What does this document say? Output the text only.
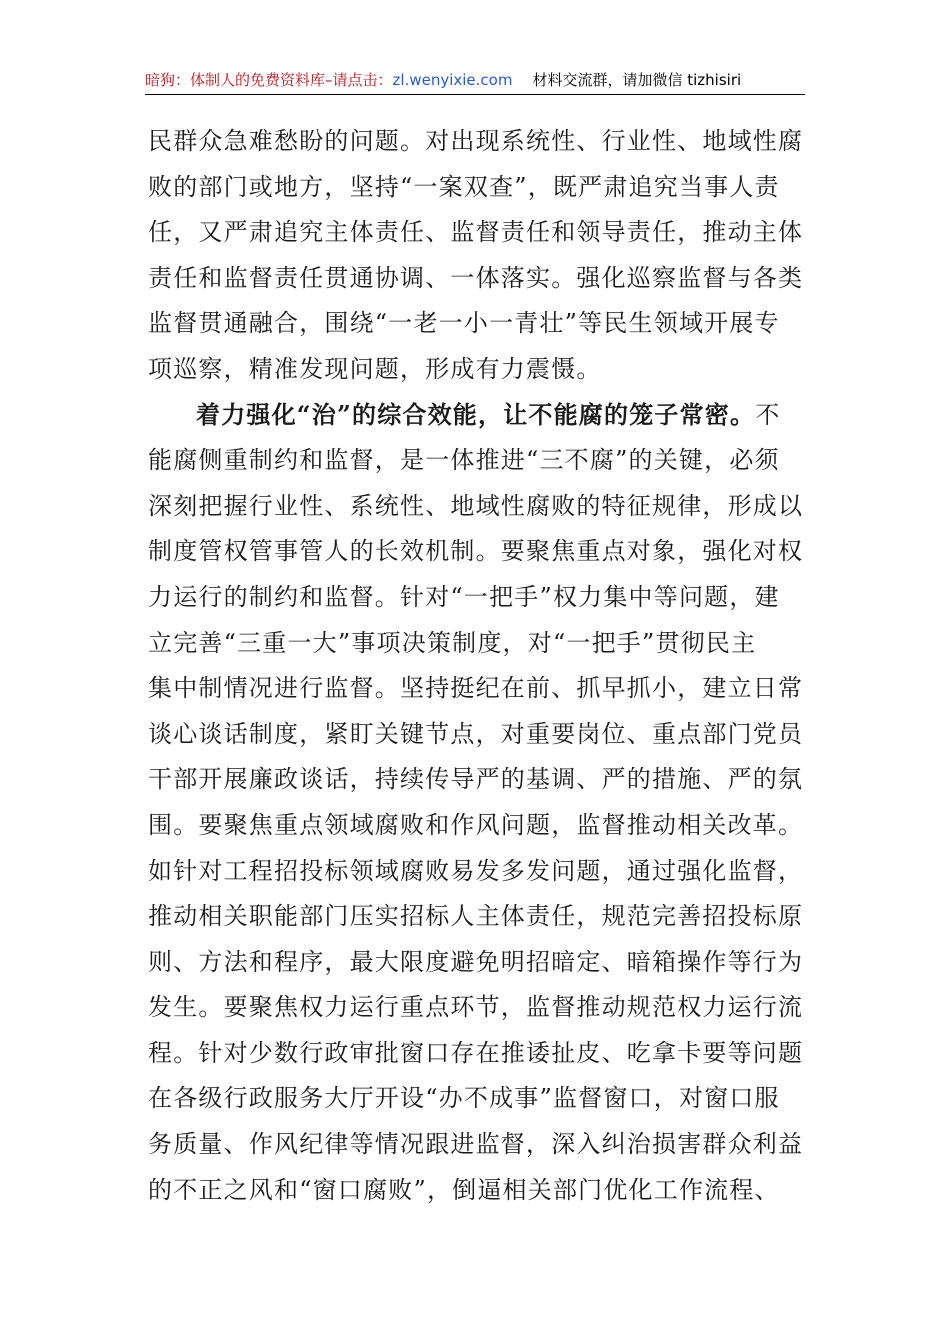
暗狗：体制人的免费资料库–请点击：zl.wenyixie.com 材料交流群，请加微信 tizhisiri
民群众急难愁盼的问题。对出现系统性、行业性、地域性腐
败的部门或地方，坚持“一案双查”，既严肃追究当事人责
任，又严肃追究主体责任、监督责任和领导责任，推动主体
责任和监督责任贯通协调、一体落实。强化巡察监督与各类
监督贯通融合，围绕“一老一小一青壮”等民生领域开展专
项巡察，精准发现问题，形成有力震慑。
着力强化“治”的综合效能，让不能腐的笼子常密。不
能腐侧重制约和监督，是一体推进“三不腐”的关键，必须
深刻把握行业性、系统性、地域性腐败的特征规律，形成以
制度管权管事管人的长效机制。要聚焦重点对象，强化对权
力运行的制约和监督。针对“一把手”权力集中等问题，建
立完善“三重一大”事项决策制度，对“一把手”贯彻民主
集中制情况进行监督。坚持挺纪在前、抓早抓小，建立日常
谈心谈话制度，紧盯关键节点，对重要岗位、重点部门党员
干部开展廉政谈话，持续传导严的基调、严的措施、严的氛
围。要聚焦重点领域腐败和作风问题，监督推动相关改革。
如针对工程招投标领域腐败易发多发问题，通过强化监督，
推动相关职能部门压实招标人主体责任，规范完善招投标原
则、方法和程序，最大限度避免明招暗定、暗箱操作等行为
发生。要聚焦权力运行重点环节，监督推动规范权力运行流
程。针对少数行政审批窗口存在推诿扯皮、吃拿卡要等问题
在各级行政服务大厅开设“办不成事”监督窗口，对窗口服
务质量、作风纪律等情况跟进监督，深入纠治损害群众利益
的不正之风和“窗口腐败”，倒逼相关部门优化工作流程、
